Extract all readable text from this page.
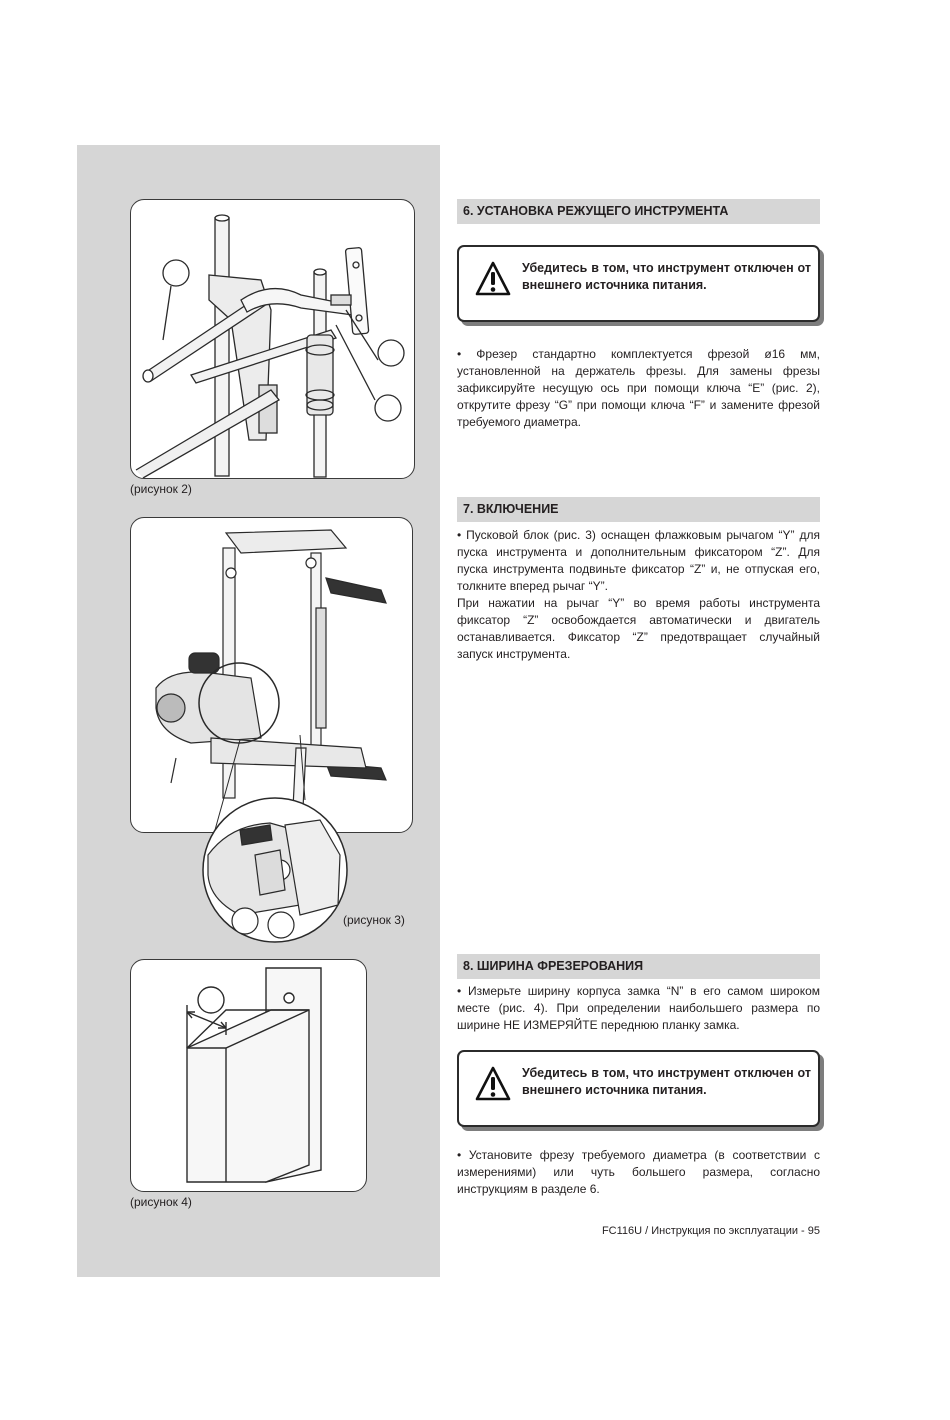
(рисунок 2)
(рисунок 3)
(рисунок 4)
6. УСТАНОВКА РЕЖУЩЕГО ИНСТРУМЕНТА
Убедитесь в том, что инструмент отключен от внешнего источника питания.

• Фрезер стандартно комплектуется фрезой ø16 мм, установленной на держатель фрезы. Для замены фрезы зафиксируйте несущую ось при помощи ключа “E” (рис. 2), открутите фрезу “G” при помощи ключа “F” и замените фрезой требуемого диаметра.

7. ВКЛЮЧЕНИЕ

• Пусковой блок (рис. 3) оснащен флажковым рычагом “Y” для пуска инструмента и дополнительным фиксатором “Z”. Для пуска инструмента подвиньте фиксатор “Z” и, не отпуская его, толкните вперед рычаг “Y”.

При нажатии на рычаг “Y” во время работы инструмента фиксатор “Z” освобождается автоматически и двигатель останавливается. Фиксатор “Z” предотвращает случайный запуск инструмента.

8. ШИРИНА ФРЕЗЕРОВАНИЯ

• Измерьте ширину корпуса замка “N” в его самом широком месте (рис. 4). При определении наибольшего размера по ширине НЕ ИЗМЕРЯЙТЕ переднюю планку замка.

Убедитесь в том, что инструмент отключен от внешнего источника питания.

• Установите фрезу требуемого диаметра (в соответствии с измерениями) или чуть большего размера, согласно инструкциям в разделе 6.

FC116U / Инструкция по эксплуатации - 95
